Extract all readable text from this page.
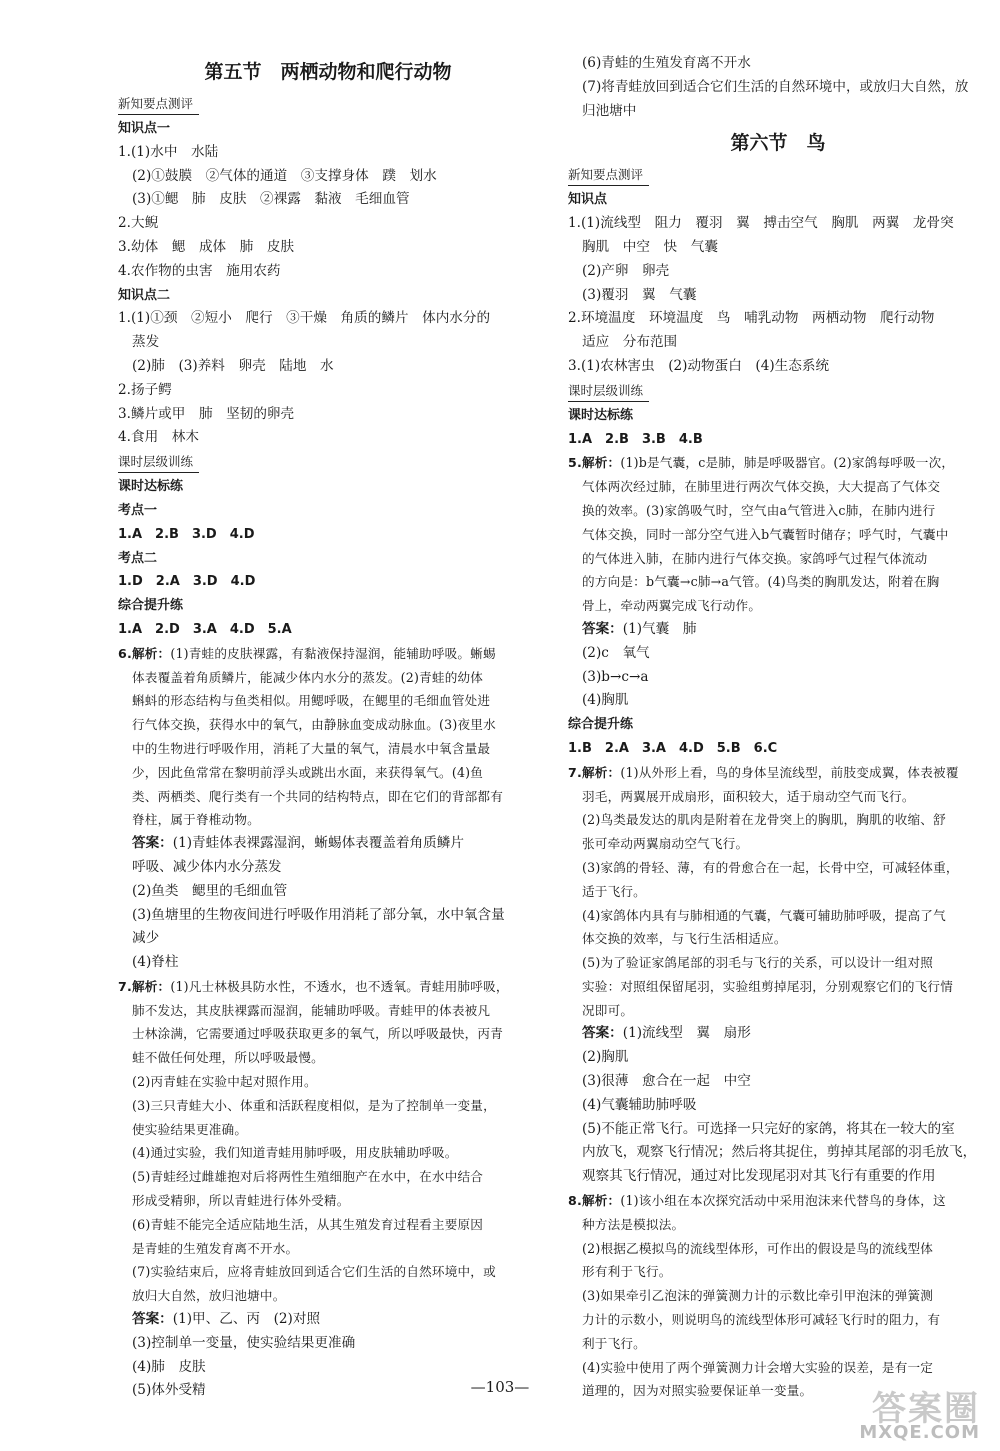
第五节　两栖动物和爬行动物
新知要点测评
知识点一
1.(1)水中　水陆
(2)①鼓膜　②气体的通道　③支撑身体　蹼　划水
(3)①鳃　肺　皮肤　②裸露　黏液　毛细血管
2.大鲵
3.幼体　鳃　成体　肺　皮肤
4.农作物的虫害　施用农药
知识点二
1.(1)①颈　②短小　爬行　③干燥　角质的鳞片　体内水分的
蒸发
(2)肺　(3)养料　卵壳　陆地　水
2.扬子鳄
3.鳞片或甲　肺　坚韧的卵壳
4.食用　林木
课时层级训练
课时达标练
考点一
1.A　2.B　3.D　4.D
考点二
1.D　2.A　3.D　4.D
综合提升练
1.A　2.D　3.A　4.D　5.A
6.解析：(1)青蛙的皮肤裸露，有黏液保持湿润，能辅助呼吸。蜥蜴
体表覆盖着角质鳞片，能减少体内水分的蒸发。(2)青蛙的幼体
蝌蚪的形态结构与鱼类相似。用鳃呼吸，在鳃里的毛细血管处进
行气体交换，获得水中的氧气，由静脉血变成动脉血。(3)夜里水
中的生物进行呼吸作用，消耗了大量的氧气，清晨水中氧含量最
少，因此鱼常常在黎明前浮头或跳出水面，来获得氧气。(4)鱼
类、两栖类、爬行类有一个共同的结构特点，即在它们的背部都有
脊柱，属于脊椎动物。
答案：(1)青蛙体表裸露湿润，蜥蜴体表覆盖着角质鳞片
呼吸、减少体内水分蒸发
(2)鱼类　鳃里的毛细血管
(3)鱼塘里的生物夜间进行呼吸作用消耗了部分氧，水中氧含量
减少
(4)脊柱
7.解析：(1)凡士林极具防水性，不透水，也不透氧。青蛙用肺呼吸，
肺不发达，其皮肤裸露而湿润，能辅助呼吸。青蛙甲的体表被凡
士林涂满，它需要通过呼吸获取更多的氧气，所以呼吸最快，丙青
蛙不做任何处理，所以呼吸最慢。
(2)丙青蛙在实验中起对照作用。
(3)三只青蛙大小、体重和活跃程度相似，是为了控制单一变量，
使实验结果更准确。
(4)通过实验，我们知道青蛙用肺呼吸，用皮肤辅助呼吸。
(5)青蛙经过雌雄抱对后将两性生殖细胞产在水中，在水中结合
形成受精卵，所以青蛙进行体外受精。
(6)青蛙不能完全适应陆地生活，从其生殖发育过程看主要原因
是青蛙的生殖发育离不开水。
(7)实验结束后，应将青蛙放回到适合它们生活的自然环境中，或
放归大自然，放归池塘中。
答案：(1)甲、乙、丙　(2)对照
(3)控制单一变量，使实验结果更准确
(4)肺　皮肤
(5)体外受精
(6)青蛙的生殖发育离不开水
(7)将青蛙放回到适合它们生活的自然环境中，或放归大自然，放
归池塘中
第六节　鸟
新知要点测评
知识点
1.(1)流线型　阻力　覆羽　翼　搏击空气　胸肌　两翼　龙骨突
胸肌　中空　快　气囊
(2)产卵　卵壳
(3)覆羽　翼　气囊
2.环境温度　环境温度　鸟　哺乳动物　两栖动物　爬行动物
适应　分布范围
3.(1)农林害虫　(2)动物蛋白　(4)生态系统
课时层级训练
课时达标练
1.A　2.B　3.B　4.B
5.解析：(1)b是气囊，c是肺，肺是呼吸器官。(2)家鸽每呼吸一次，
气体两次经过肺，在肺里进行两次气体交换，大大提高了气体交
换的效率。(3)家鸽吸气时，空气由a气管进入c肺，在肺内进行
气体交换，同时一部分空气进入b气囊暂时储存；呼气时，气囊中
的气体进入肺，在肺内进行气体交换。家鸽呼气过程气体流动
的方向是：b气囊→c肺→a气管。(4)鸟类的胸肌发达，附着在胸
骨上，牵动两翼完成飞行动作。
答案：(1)气囊　肺
(2)c　氧气
(3)b→c→a
(4)胸肌
综合提升练
1.B　2.A　3.A　4.D　5.B　6.C
7.解析：(1)从外形上看，鸟的身体呈流线型，前肢变成翼，体表被覆
羽毛，两翼展开成扇形，面积较大，适于扇动空气而飞行。
(2)鸟类最发达的肌肉是附着在龙骨突上的胸肌，胸肌的收缩、舒
张可牵动两翼扇动空气飞行。
(3)家鸽的骨轻、薄，有的骨愈合在一起，长骨中空，可减轻体重，
适于飞行。
(4)家鸽体内具有与肺相通的气囊，气囊可辅助肺呼吸，提高了气
体交换的效率，与飞行生活相适应。
(5)为了验证家鸽尾部的羽毛与飞行的关系，可以设计一组对照
实验：对照组保留尾羽，实验组剪掉尾羽，分别观察它们的飞行情
况即可。
答案：(1)流线型　翼　扇形
(2)胸肌
(3)很薄　愈合在一起　中空
(4)气囊辅助肺呼吸
(5)不能正常飞行。可选择一只完好的家鸽，将其在一较大的室
内放飞，观察飞行情况；然后将其捉住，剪掉其尾部的羽毛放飞，
观察其飞行情况，通过对比发现尾羽对其飞行有重要的作用
8.解析：(1)该小组在本次探究活动中采用泡沫来代替鸟的身体，这
种方法是模拟法。
(2)根据乙模拟鸟的流线型体形，可作出的假设是鸟的流线型体
形有利于飞行。
(3)如果牵引乙泡沫的弹簧测力计的示数比牵引甲泡沫的弹簧测
力计的示数小，则说明鸟的流线型体形可减轻飞行时的阻力，有
利于飞行。
(4)实验中使用了两个弹簧测力计会增大实验的误差，是有一定
道理的，因为对照实验要保证单一变量。
—103—
答案圈
MXQE.COM
